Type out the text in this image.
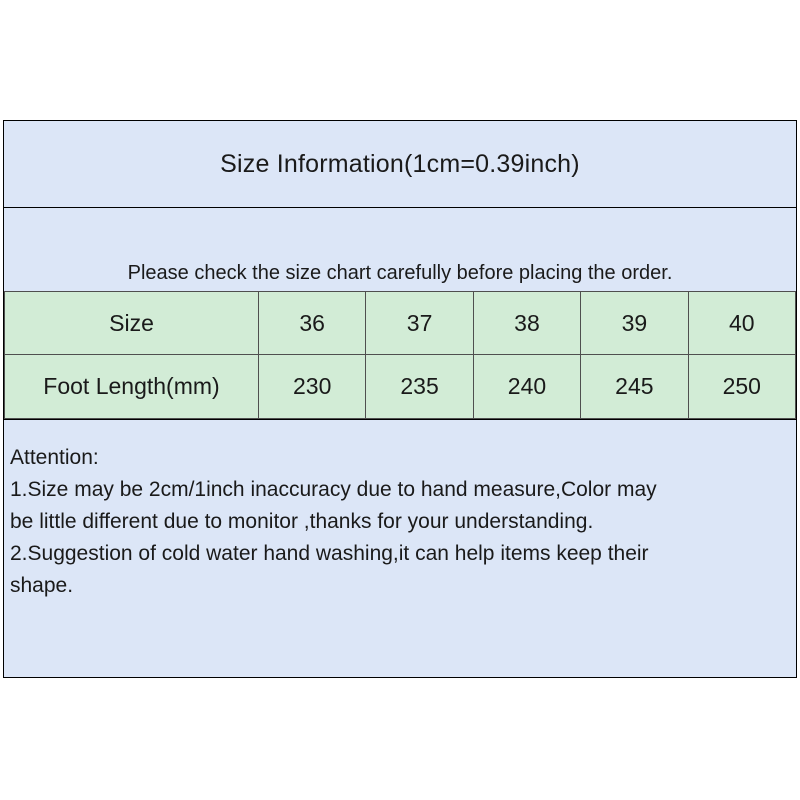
Size Information(1cm=0.39inch)
Please check the size chart carefully before placing the order.
Size	36	37	38	39	40
Foot Length(mm)	230	235	240	245	250
Attention:
1.Size may be 2cm/1inch inaccuracy due to hand measure,Color may
be little different due to monitor ,thanks for your understanding.
2.Suggestion of cold water hand washing,it can help items keep their
shape.
